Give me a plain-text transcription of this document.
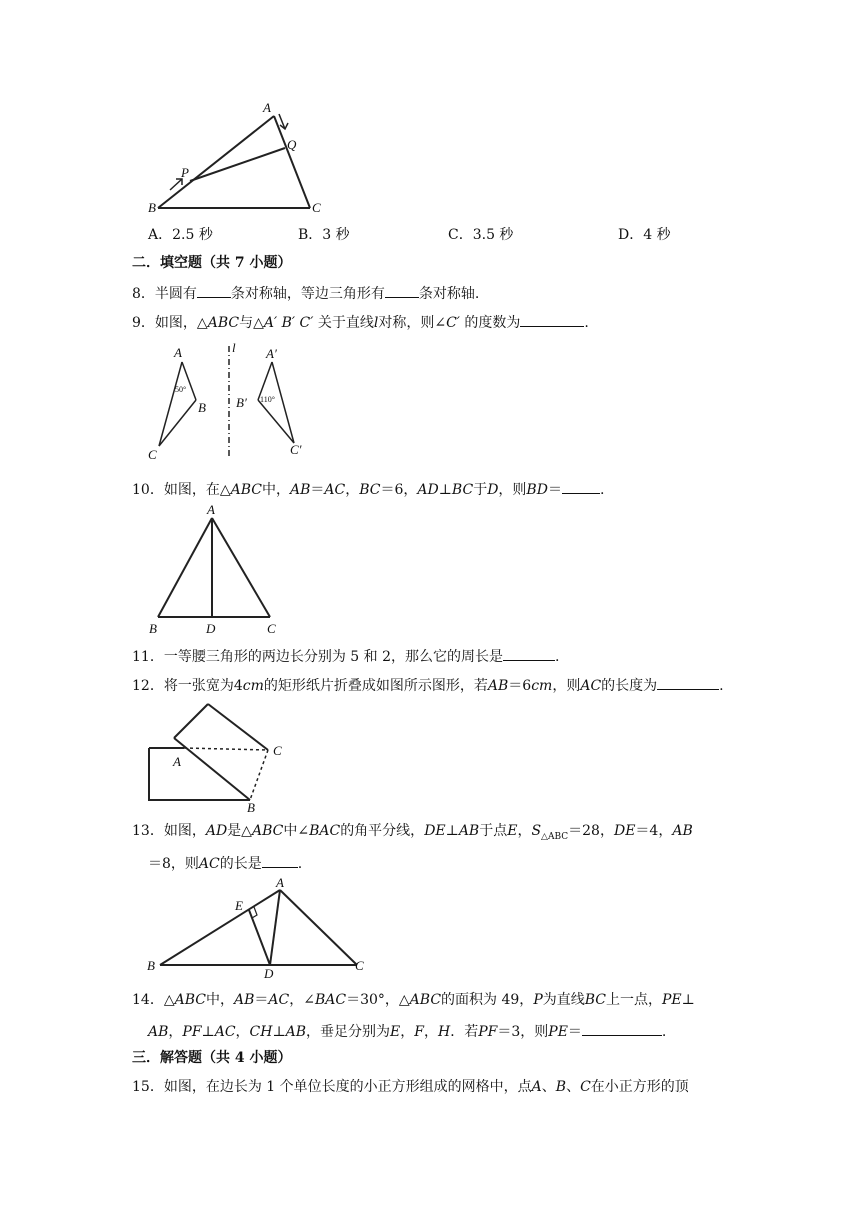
A
Q
P
B	C
A．2.5 秒	B．3 秒	C．3.5 秒	D．4 秒
二．填空题（共 7 小题）
8．半圆有 条对称轴，等边三角形有 条对称轴.
9．如图，△ABC与△A′ B′ C′ 关于直线l对称，则∠C′ 的度数为	.
A
B
C
l A′
B′
C′
50°
110°
10．如图，在△ABC中，AB＝AC，BC＝6，AD⊥BC于D，则BD＝	.
A
B	D	C
11．一等腰三角形的两边长分别为 5 和 2，那么它的周长是	.
12．将一张宽为4cm的矩形纸片折叠成如图所示图形，若AB＝6cm，则AC的长度为	.
A
C
B
13．如图，AD是△ABC中∠BAC的角平分线，DE⊥AB于点E，$S_{\triangle ABC}=28$，DE＝4，AB
＝8，则AC的长是	.
A
E
B
D
C
14．△ABC中，AB＝AC，∠BAC＝30°，△ABC的面积为 49，P为直线BC上一点，PE⊥
AB，PF⊥AC，CH⊥AB，垂足分别为E，F，H．若PF＝3，则PE＝	.
三．解答题（共 4 小题）
15．如图，在边长为 1 个单位长度的小正方形组成的网格中，点A、B、C在小正方形的顶
